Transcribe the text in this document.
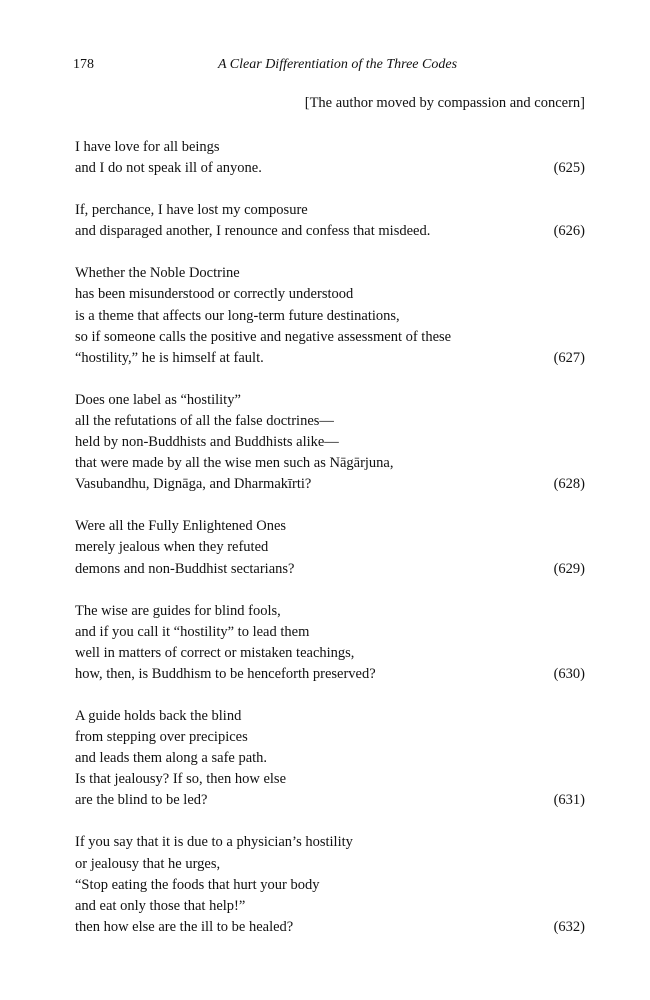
178	A Clear Differentiation of the Three Codes
[The author moved by compassion and concern]
I have love for all beings
and I do not speak ill of anyone.	(625)
If, perchance, I have lost my composure
and disparaged another, I renounce and confess that misdeed.	(626)
Whether the Noble Doctrine
has been misunderstood or correctly understood
is a theme that affects our long-term future destinations,
so if someone calls the positive and negative assessment of these
“hostility,” he is himself at fault.	(627)
Does one label as “hostility”
all the refutations of all the false doctrines—
held by non-Buddhists and Buddhists alike—
that were made by all the wise men such as Nāgārjuna,
Vasubandhu, Dignāga, and Dharmakīrti?	(628)
Were all the Fully Enlightened Ones
merely jealous when they refuted
demons and non-Buddhist sectarians?	(629)
The wise are guides for blind fools,
and if you call it “hostility” to lead them
well in matters of correct or mistaken teachings,
how, then, is Buddhism to be henceforth preserved?	(630)
A guide holds back the blind
from stepping over precipices
and leads them along a safe path.
Is that jealousy? If so, then how else
are the blind to be led?	(631)
If you say that it is due to a physician’s hostility
or jealousy that he urges,
“Stop eating the foods that hurt your body
and eat only those that help!”
then how else are the ill to be healed?	(632)
